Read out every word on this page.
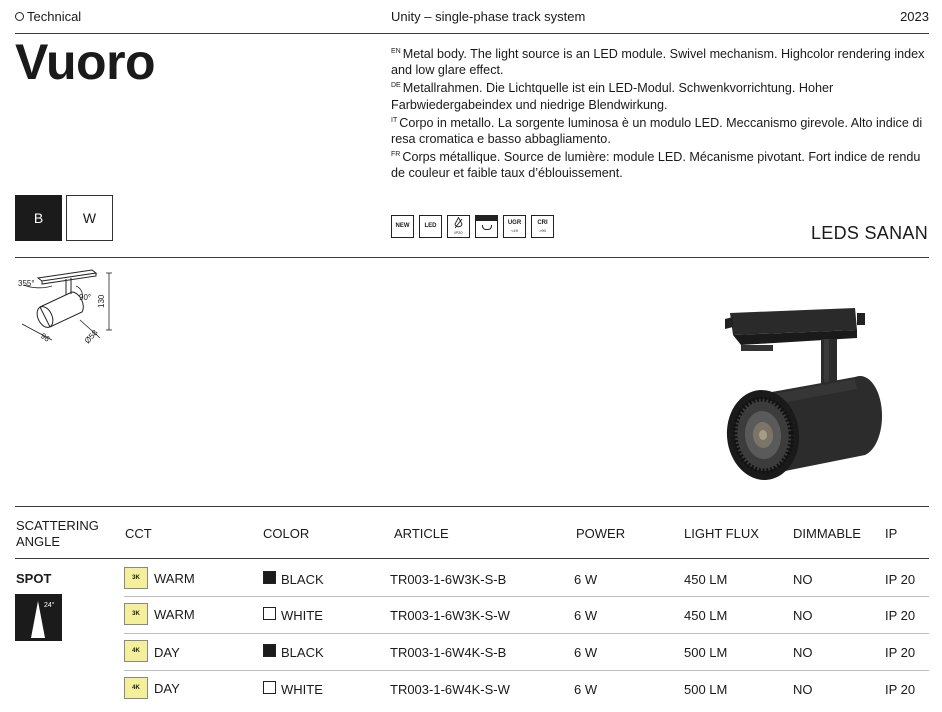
Technical	Unity – single-phase track system	2023
Vuoro	$^{EN}$ Metal body. The light source is an LED module. Swivel mechanism. Highcolor rendering index and low glare effect.

$^{DE}$ Metallrahmen. Die Lichtquelle ist ein LED-Modul. Schwenkvorrichtung. Hoher Farbwiedergabeindex und niedrige Blendwirkung.

$^{IT}$ Corpo in metallo. La sorgente luminosa è un modulo LED. Meccanismo girevole. Alto indice di resa cromatica e basso abbagliamento.

$^{FR}$ Corps métallique. Source de lumière: module LED. Mécanisme pivotant. Fort indice de rendu de couleur et faible taux d’éblouissement.

B	W	NEW	LED
IP20
UGR
<19
CRI
>90	LEDS SANAN
355°
90° 130
96	Ø58
SCATTERING ANGLE
CCT	COLOR	ARTICLE	POWER	LIGHT FLUX	DIMMABLE IP
SPOT
24°
3K	WARM	BLACK	TR003-1-6W3K-S-B	6 W	450 LM	NO	IP 20
3K	WARM	WHITE	TR003-1-6W3K-S-W	6 W	450 LM	NO	IP 20
4K	DAY	BLACK	TR003-1-6W4K-S-B	6 W	500 LM	NO	IP 20
4K	DAY	WHITE	TR003-1-6W4K-S-W	6 W	500 LM	NO	IP 20
